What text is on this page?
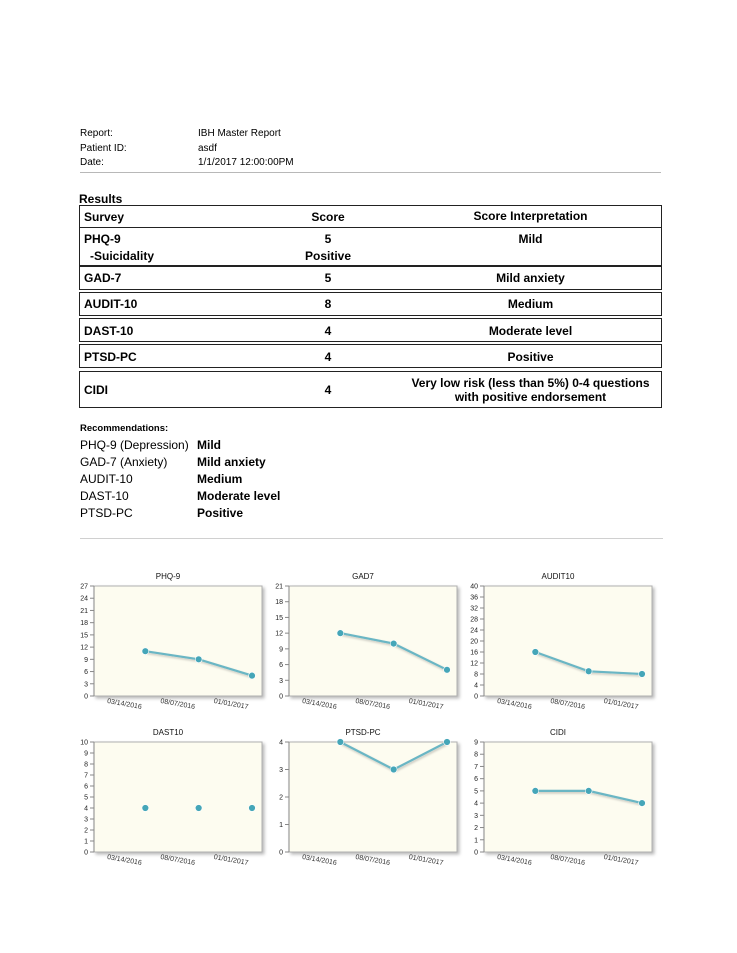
Report:	IBH Master Report
Patient ID:	asdf
Date:	1/1/2017 12:00:00PM
Results
Survey	Score	Score Interpretation
PHQ-9	5	Mild
-Suicidality	Positive
GAD-7	5	Mild anxiety
AUDIT-10	8	Medium
DAST-10	4	Moderate level
PTSD-PC	4	Positive
CIDI	4	Very low risk (less than 5%) 0-4 questions with positive endorsement
Recommendations:
PHQ-9 (Depression) Mild
GAD-7 (Anxiety) Mild anxiety
AUDIT-10	Medium
DAST-10	Moderate level
PTSD-PC	Positive
PHQ-9
0
3
6
9
12
15
18
21
24
27
03/14/2016	08/07/2016	01/01/2017
GAD7
0
3
6
9
12
15
18
21
03/14/2016	08/07/2016	01/01/2017
AUDIT10
0
4
8
12
16
20
24
28
32
36
40
03/14/2016	08/07/2016	01/01/2017
DAST10
0
1
2
3
4
5
6
7
8
9
10
03/14/2016	08/07/2016	01/01/2017
PTSD-PC
0
1
2
3
4
03/14/2016	08/07/2016	01/01/2017
CIDI
0
1
2
3
4
5
6
7
8
9
03/14/2016	08/07/2016	01/01/2017
